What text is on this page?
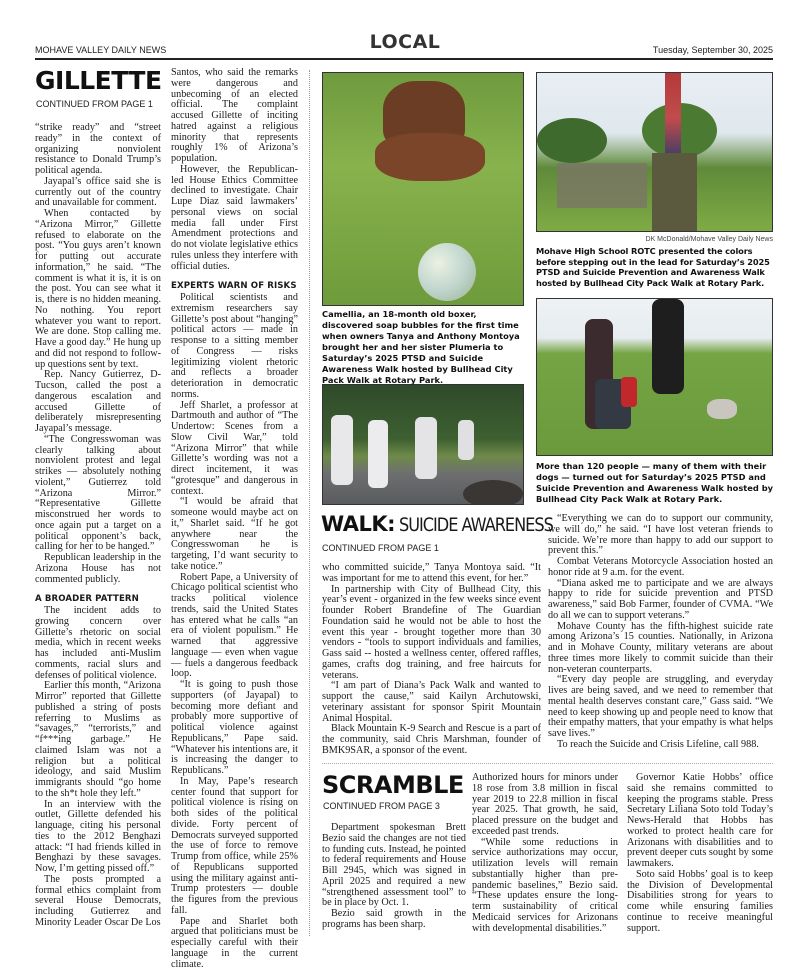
MOHAVE VALLEY DAILY NEWS	LOCAL	Tuesday, September 30, 2025
GILLETTE
CONTINUED FROM PAGE 1

“strike ready” and “street ready” in the context of organizing nonviolent resistance to Donald Trump’s political agenda.

Jayapal’s office said she is currently out of the country and unavailable for comment.

When contacted by “Arizona Mirror,” Gillette refused to elaborate on the post. “You guys aren’t known for putting out accurate information,” he said. “The comment is what it is, it is on the post. You can see what it is, there is no hidden meaning. No nothing. You report whatever you want to report. We are done. Stop calling me. Have a good day.” He hung up and did not respond to follow-up questions sent by text.

Rep. Nancy Gutierrez, D-Tucson, called the post a dangerous escalation and accused Gillette of deliberately misrepresenting Jayapal’s message.

“The Congresswoman was clearly talking about nonviolent protest and legal strikes — absolutely nothing violent,” Gutierrez told “Arizona Mirror.” “Representative Gillette misconstrued her words to once again put a target on a political opponent’s back, calling for her to be hanged.”

Republican leadership in the Arizona House has not commented publicly.

A BROADER PATTERN

The incident adds to growing concern over Gillette’s rhetoric on social media, which in recent weeks has included anti-Muslim comments, racial slurs and defenses of political violence.

Earlier this month, “Arizona Mirror” reported that Gillette published a string of posts referring to Muslims as “savages,” “terrorists,” and “f***ing garbage.” He claimed Islam was not a religion but a political ideology, and said Muslim immigrants should “go home to the sh*t hole they left.”

In an interview with the outlet, Gillette defended his language, citing his personal ties to the 2012 Benghazi attack: “I had friends killed in Benghazi by these savages. Now, I’m getting pissed off.”

The posts prompted a formal ethics complaint from several House Democrats, including Gutierrez and Minority Leader Oscar De Los

Santos, who said the remarks were dangerous and unbecoming of an elected official. The complaint accused Gillette of inciting hatred against a religious minority that represents roughly 1% of Arizona’s population.

However, the Republican-led House Ethics Committee declined to investigate. Chair Lupe Diaz said lawmakers’ personal views on social media fall under First Amendment protections and do not violate legislative ethics rules unless they interfere with official duties.

EXPERTS WARN OF RISKS

Political scientists and extremism researchers say Gillette’s post about “hanging” political actors — made in response to a sitting member of Congress — risks legitimizing violent rhetoric and reflects a broader deterioration in democratic norms.

Jeff Sharlet, a professor at Dartmouth and author of “The Undertow: Scenes from a Slow Civil War,” told “Arizona Mirror” that while Gillette’s wording was not a direct incitement, it was “grotesque” and dangerous in context.

“I would be afraid that someone would maybe act on it,” Sharlet said. “If he got anywhere near the Congresswoman he is targeting, I’d want security to take notice.”

Robert Pape, a University of Chicago political scientist who tracks political violence trends, said the United States has entered what he calls “an era of violent populism.” He warned that aggressive language — even when vague — fuels a dangerous feedback loop.

“It is going to push those supporters (of Jayapal) to becoming more defiant and probably more supportive of political violence against Republicans,” Pape said. “Whatever his intentions are, it is increasing the danger to Republicans.”

In May, Pape’s research center found that support for political violence is rising on both sides of the political divide. Forty percent of Democrats surveyed supported the use of force to remove Trump from office, while 25% of Republicans supported using the military against anti-Trump protesters — double the figures from the previous fall.

Pape and Sharlet both argued that politicians must be especially careful with their language in the current climate.

Camellia, an 18-month old boxer, discovered soap bubbles for the first time when owners Tanya and Anthony Montoya brought her and her sister Plumeria to Saturday’s 2025 PTSD and Suicide Awareness Walk hosted by Bullhead City Pack Walk at Rotary Park.
DK McDonald/Mohave Valley Daily News
Mohave High School ROTC presented the colors before stepping out in the lead for Saturday’s 2025 PTSD and Suicide Prevention and Awareness Walk hosted by Bullhead City Pack Walk at Rotary Park.
More than 120 people — many of them with their dogs — turned out for Saturday’s 2025 PTSD and Suicide Prevention and Awareness Walk hosted by Bullhead City Pack Walk at Rotary Park.
WALK: SUICIDE AWARENESS
CONTINUED FROM PAGE 1

who committed suicide,” Tanya Montoya said. “It was important for me to attend this event, for her.”

In partnership with City of Bullhead City, this year’s event - organized in the few weeks since event founder Robert Brandefine of The Guardian Foundation said he would not be able to host the event this year - brought together more than 30 vendors - “tools to support individuals and families, Gass said -- hosted a wellness center, offered raffles, games, crafts dog training, and free haircuts for veterans.

“I am part of Diana’s Pack Walk and wanted to support the cause,” said Kailyn Archutowski, veterinary assistant for sponsor Spirit Mountain Animal Hospital.

Black Mountain K-9 Search and Rescue is a part of the community, said Chris Marshman, founder of BMK9SAR, a sponsor of the event.

“Everything we can do to support our community, we will do,” he said. “I have lost veteran friends to suicide. We’re more than happy to add our support to prevent this.”

Combat Veterans Motorcycle Association hosted an honor ride at 9 a.m. for the event.

“Diana asked me to participate and we are always happy to ride for suicide prevention and PTSD awareness,” said Bob Farmer, founder of CVMA. “We do all we can to support veterans.”

Mohave County has the fifth-highest suicide rate among Arizona’s 15 counties. Nationally, in Arizona and in Mohave County, military veterans are about three times more likely to commit suicide than their non-veteran counterparts.

“Every day people are struggling, and everyday lives are being saved, and we need to remember that mental health deserves constant care,” Gass said. “We need to keep showing up and people need to know that their empathy matters, that your empathy is what helps save lives.”

To reach the Suicide and Crisis Lifeline, call 988.

SCRAMBLE
CONTINUED FROM PAGE 3

Department spokesman Brett Bezio said the changes are not tied to funding cuts. Instead, he pointed to federal requirements and House Bill 2945, which was signed in April 2025 and required a new “strengthened assessment tool” to be in place by Oct. 1.

Bezio said growth in the programs has been sharp.

Authorized hours for minors under 18 rose from 3.8 million in fiscal year 2019 to 22.8 million in fiscal year 2025. That growth, he said, placed pressure on the budget and exceeded past trends.

“While some reductions in service authorizations may occur, utilization levels will remain substantially higher than pre-pandemic baselines,” Bezio said. “These updates ensure the long-term sustainability of critical Medicaid services for Arizonans with developmental disabilities.”

Governor Katie Hobbs’ office said she remains committed to keeping the programs stable. Press Secretary Liliana Soto told Today’s News-Herald that Hobbs has worked to protect health care for Arizonans with disabilities and to prevent deeper cuts sought by some lawmakers.

Soto said Hobbs’ goal is to keep the Division of Developmental Disabilities strong for years to come while ensuring families continue to receive meaningful support.
